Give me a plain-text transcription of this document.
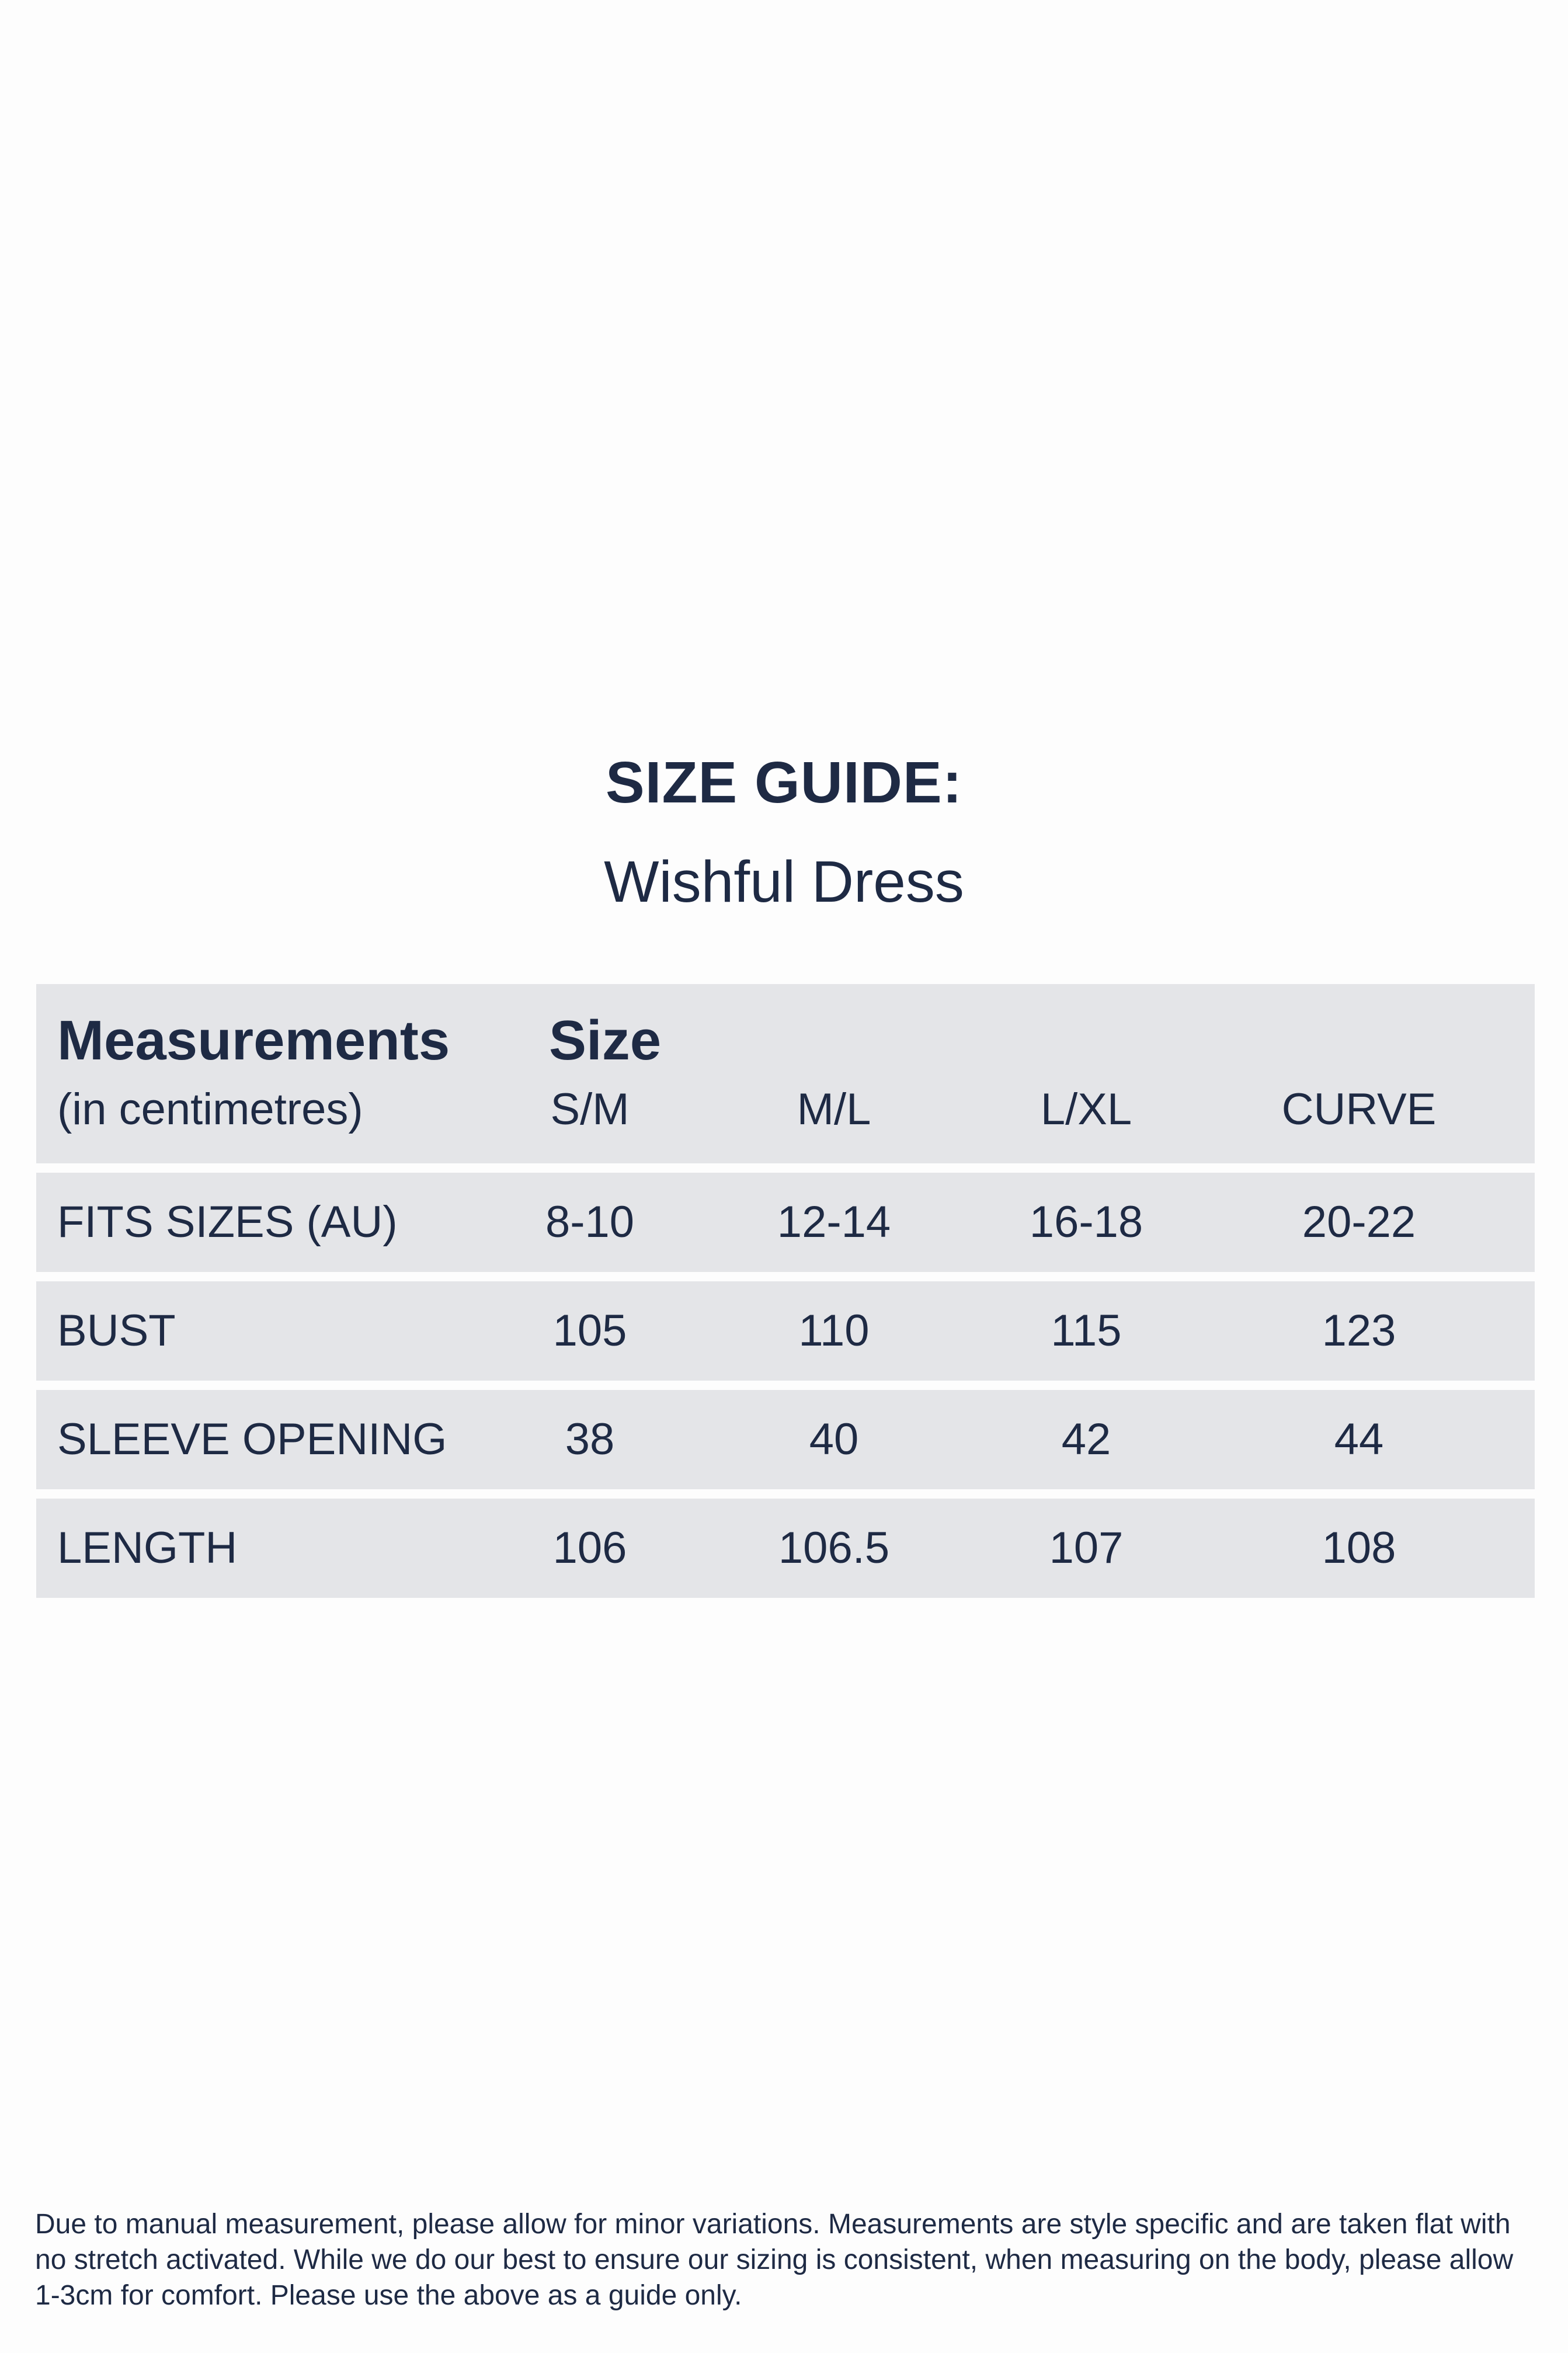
SIZE GUIDE:
Wishful Dress
Measurements
(in centimetres)
Size
S/M	M/L	L/XL	CURVE
FITS SIZES (AU)	8-10	12-14	16-18	20-22
BUST	105	110	115	123
SLEEVE OPENING	38	40	42	44
LENGTH	106	106.5	107	108
Due to manual measurement, please allow for minor variations. Measurements are style specific and are taken flat with no stretch activated. While we do our best to ensure our sizing is consistent, when measuring on the body, please allow 1-3cm for comfort. Please use the above as a guide only.
